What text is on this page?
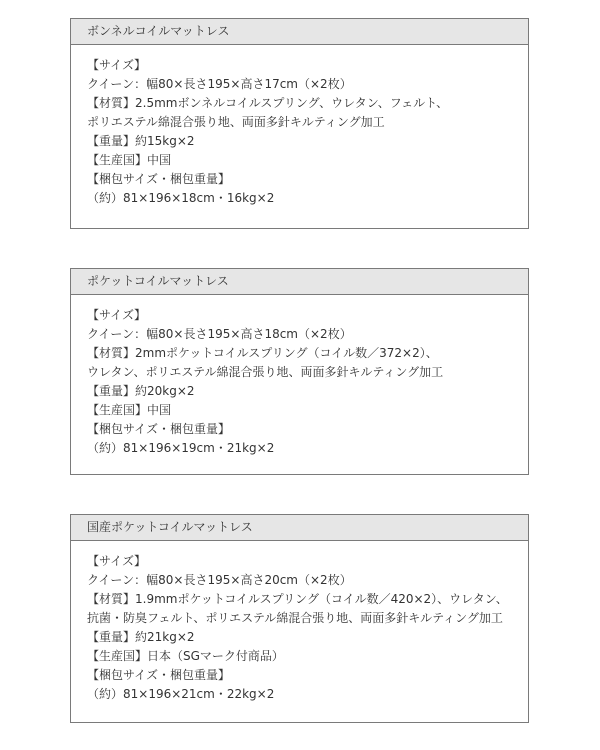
ボンネルコイルマットレス
【サイズ】
クイーン：幅80×長さ195×高さ17cm（×2枚）
【材質】2.5mmボンネルコイルスプリング、ウレタン、フェルト、
ポリエステル綿混合張り地、両面多針キルティング加工
【重量】約15kg×2
【生産国】中国
【梱包サイズ・梱包重量】
（約）81×196×18cm・16kg×2
ポケットコイルマットレス
【サイズ】
クイーン：幅80×長さ195×高さ18cm（×2枚）
【材質】2mmポケットコイルスプリング（コイル数／372×2）、
ウレタン、ポリエステル綿混合張り地、両面多針キルティング加工
【重量】約20kg×2
【生産国】中国
【梱包サイズ・梱包重量】
（約）81×196×19cm・21kg×2
国産ポケットコイルマットレス
【サイズ】
クイーン：幅80×長さ195×高さ20cm（×2枚）
【材質】1.9mmポケットコイルスプリング（コイル数／420×2）、ウレタン、
抗菌・防臭フェルト、ポリエステル綿混合張り地、両面多針キルティング加工
【重量】約21kg×2
【生産国】日本（SGマーク付商品）
【梱包サイズ・梱包重量】
（約）81×196×21cm・22kg×2
